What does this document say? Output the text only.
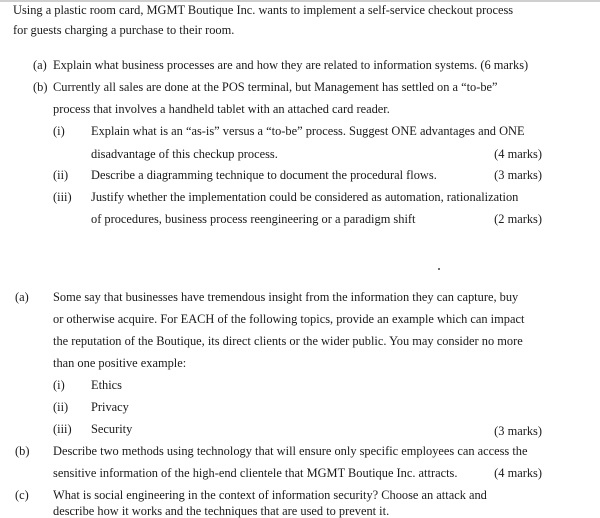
Using a plastic room card, MGMT Boutique Inc. wants to implement a self-service checkout process
for guests charging a purchase to their room.
(a) Explain what business processes are and how they are related to information systems. (6 marks)
(b) Currently all sales are done at the POS terminal, but Management has settled on a “to-be”
process that involves a handheld tablet with an attached card reader.
(i) Explain what is an “as-is” versus a “to-be” process. Suggest ONE advantages and ONE
disadvantage of this checkup process.	(4 marks)
(ii) Describe a diagramming technique to document the procedural flows.	(3 marks)
(iii) Justify whether the implementation could be considered as automation, rationalization
of procedures, business process reengineering or a paradigm shift	(2 marks)
(a) Some say that businesses have tremendous insight from the information they can capture, buy
or otherwise acquire. For EACH of the following topics, provide an example which can impact
the reputation of the Boutique, its direct clients or the wider public. You may consider no more
than one positive example:
(i) Ethics
(ii) Privacy
(iii) Security	(3 marks)
(b) Describe two methods using technology that will ensure only specific employees can access the
sensitive information of the high-end clientele that MGMT Boutique Inc. attracts.	(4 marks)
(c) What is social engineering in the context of information security? Choose an attack and
describe how it works and the techniques that are used to prevent it.
